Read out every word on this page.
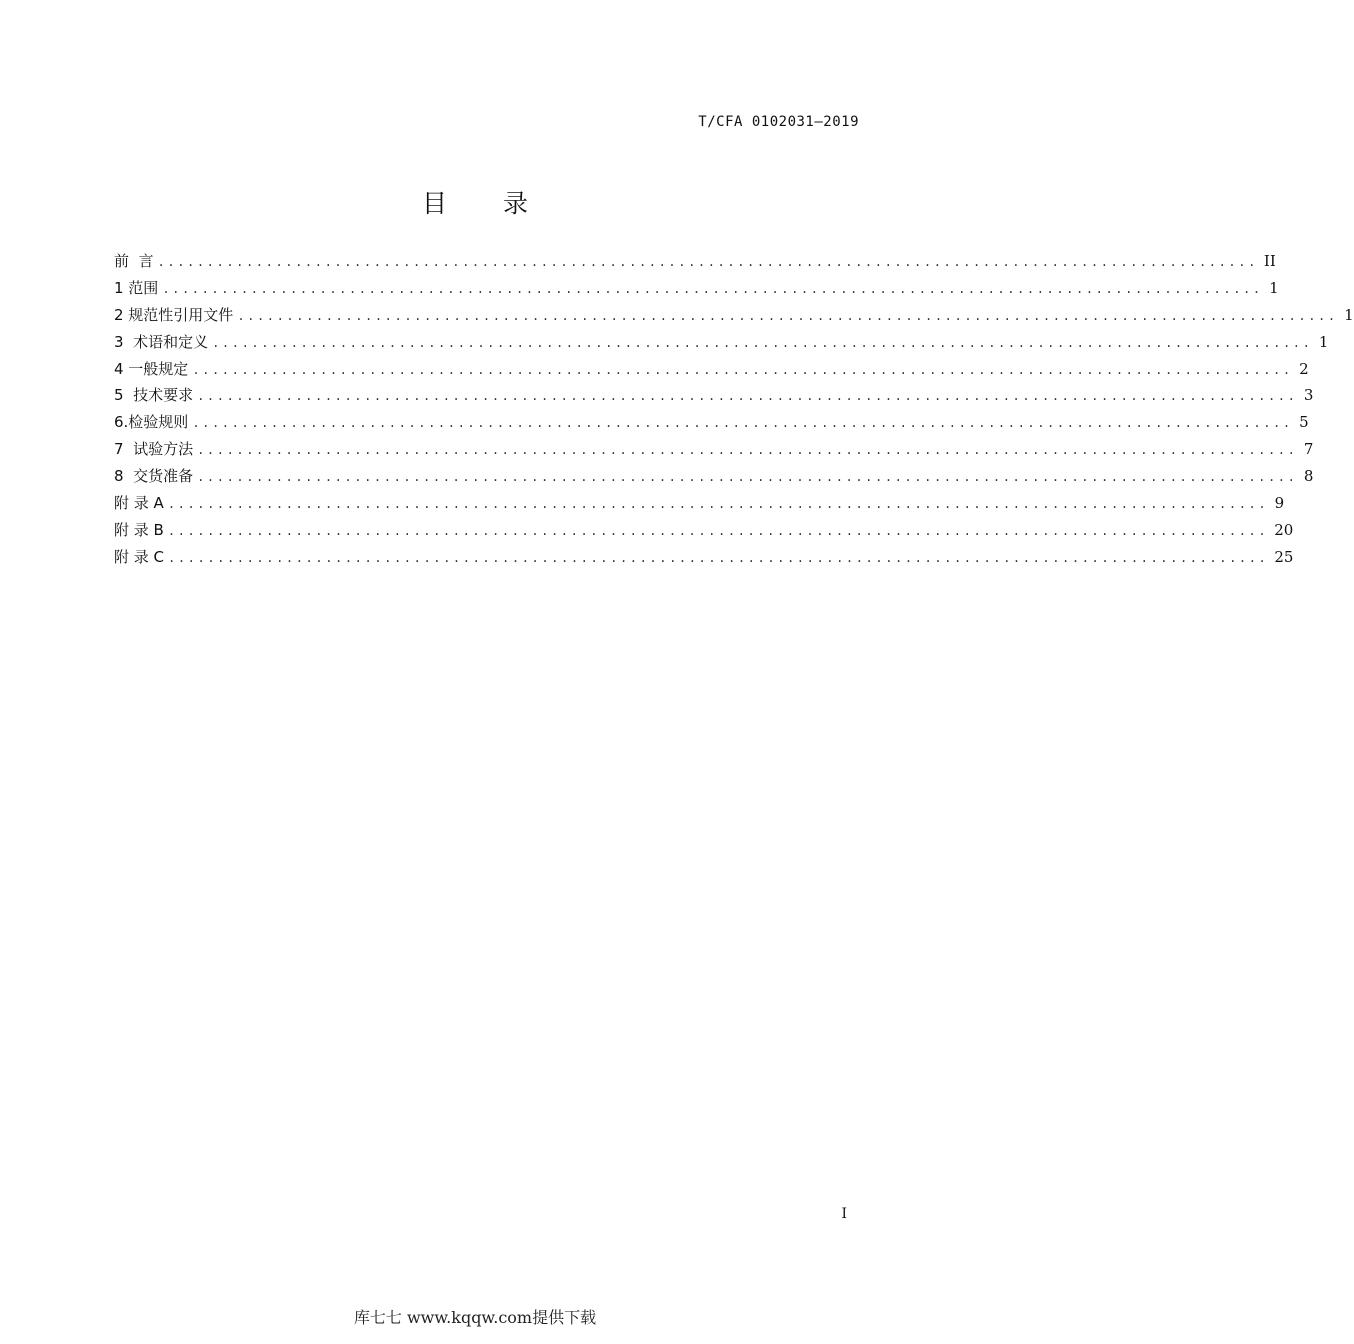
T/CFA 0102031—2019
目 录
前  言 ................................................................................................................ II
1 范围 ................................................................................................................ 1
2 规范性引用文件 ................................................................................................................ 1
3  术语和定义 ................................................................................................................ 1
4 一般规定 ................................................................................................................ 2
5  技术要求 ................................................................................................................ 3
6.检验规则 ................................................................................................................ 5
7  试验方法 ................................................................................................................ 7
8  交货准备 ................................................................................................................ 8
附 录 A ................................................................................................................ 9
附 录 B ................................................................................................................ 20
附 录 C ................................................................................................................ 25
I
库七七 www.kqqw.com提供下载
